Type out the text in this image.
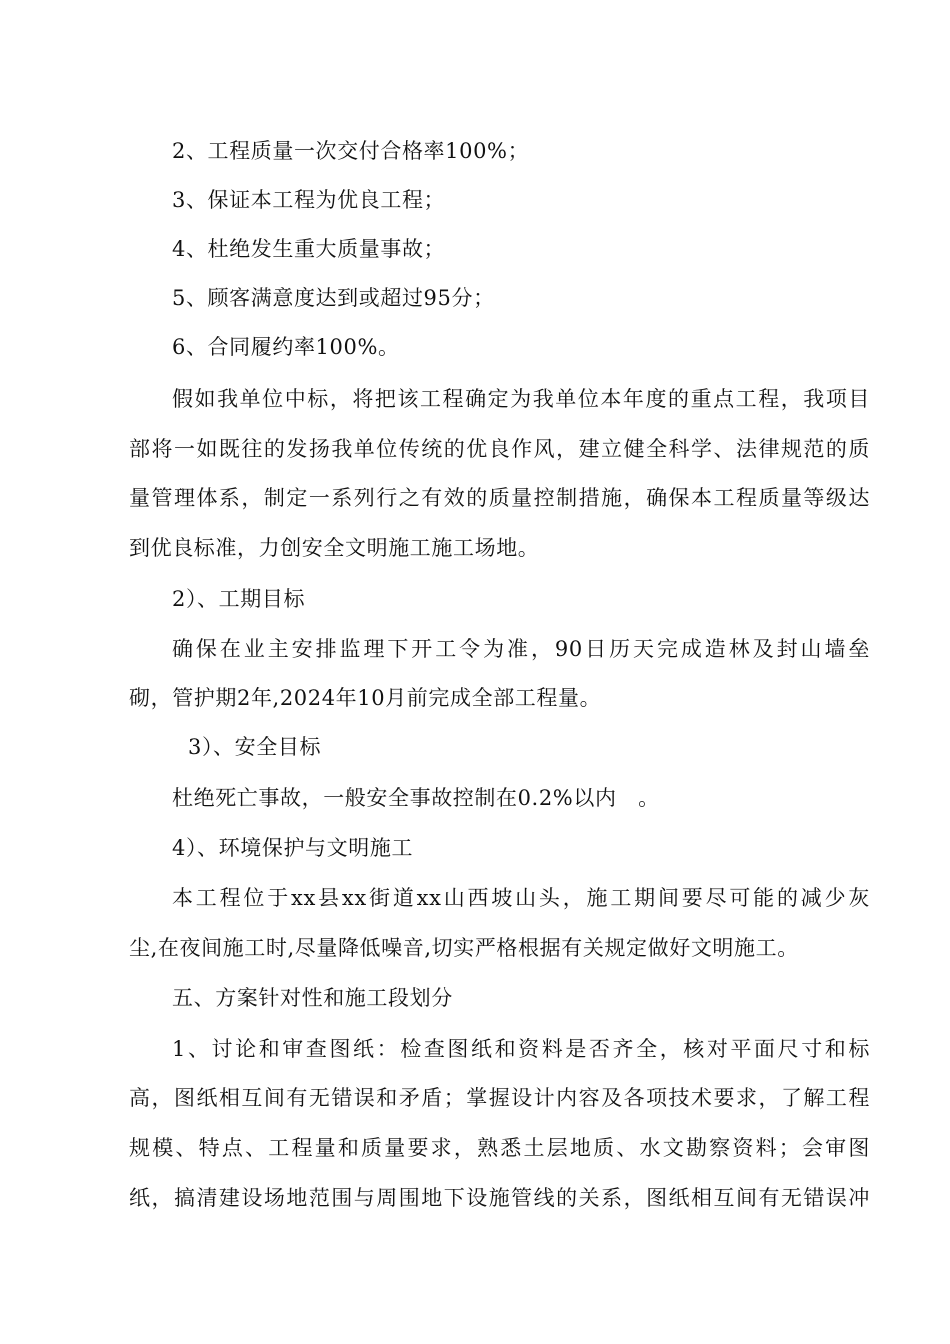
2、工程质量一次交付合格率100%；
3、保证本工程为优良工程；
4、杜绝发生重大质量事故；
5、顾客满意度达到或超过95分；
6、合同履约率100%。
假如我单位中标，将把该工程确定为我单位本年度的重点工程，我项目
部将一如既往的发扬我单位传统的优良作风，建立健全科学、法律规范的质
量管理体系，制定一系列行之有效的质量控制措施，确保本工程质量等级达
到优良标准，力创安全文明施工施工场地。
2）、工期目标
确保在业主安排监理下开工令为准，90日历天完成造林及封山墙垒
砌，管护期2年,2024年10月前完成全部工程量。
3）、安全目标
杜绝死亡事故，一般安全事故控制在0.2%以内　。
4）、环境保护与文明施工
本工程位于xx县xx街道xx山西坡山头，施工期间要尽可能的减少灰
尘,在夜间施工时,尽量降低噪音,切实严格根据有关规定做好文明施工。
五、方案针对性和施工段划分
1、讨论和审查图纸：检查图纸和资料是否齐全，核对平面尺寸和标
高，图纸相互间有无错误和矛盾；掌握设计内容及各项技术要求，了解工程
规模、特点、工程量和质量要求，熟悉土层地质、水文勘察资料；会审图
纸，搞清建设场地范围与周围地下设施管线的关系，图纸相互间有无错误冲
